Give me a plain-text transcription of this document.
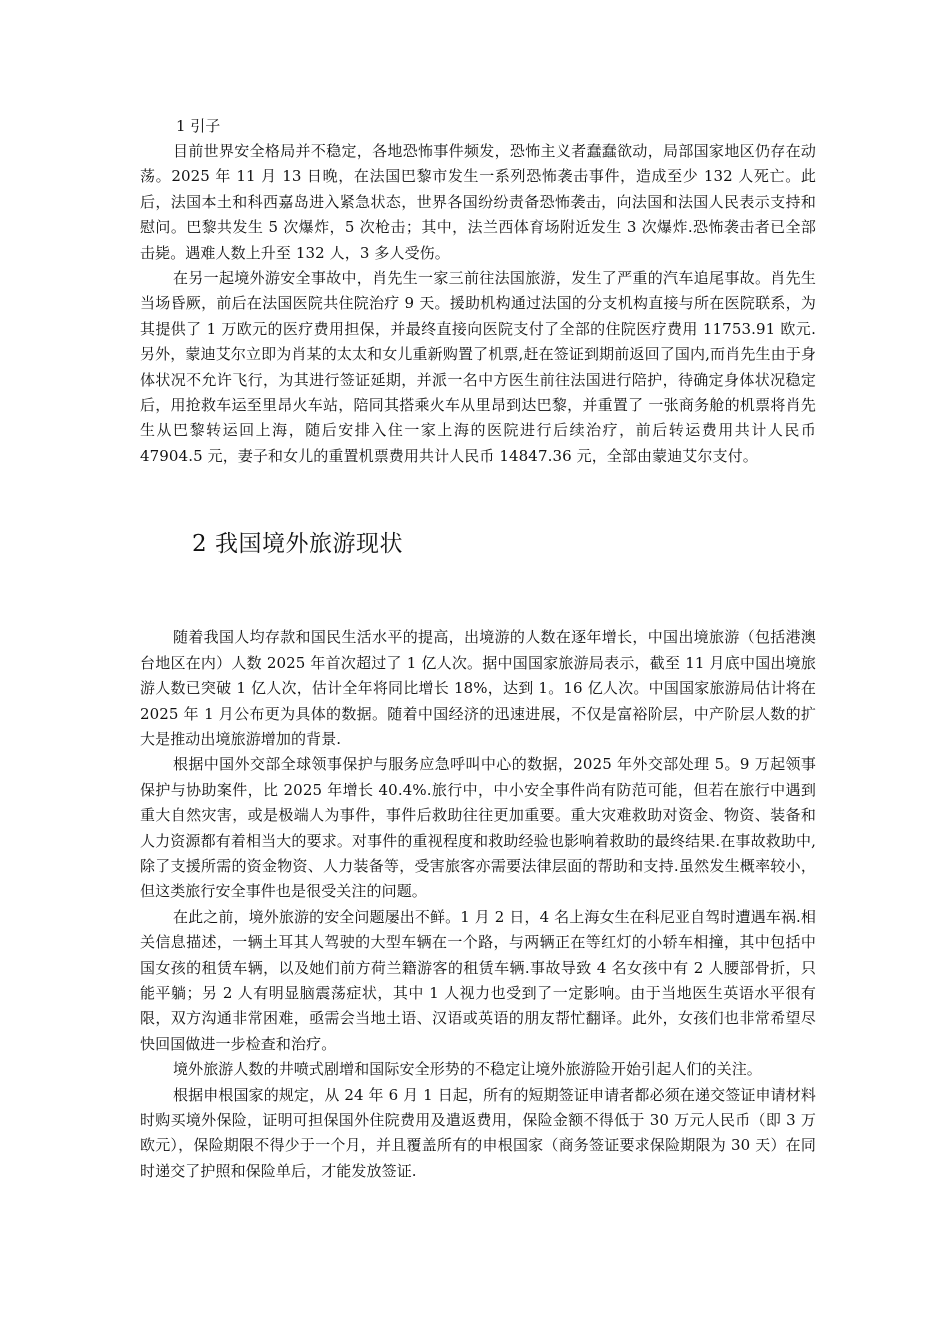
1 引子

目前世界安全格局并不稳定，各地恐怖事件频发，恐怖主义者蠢蠢欲动，局部国家地区仍存在动荡。2025 年 11 月 13 日晚，在法国巴黎市发生一系列恐怖袭击事件，造成至少 132 人死亡。此后，法国本土和科西嘉岛进入紧急状态，世界各国纷纷责备恐怖袭击，向法国和法国人民表示支持和慰问。巴黎共发生 5 次爆炸，5 次枪击；其中，法兰西体育场附近发生 3 次爆炸.恐怖袭击者已全部击毙。遇难人数上升至 132 人，3 多人受伤。

在另一起境外游安全事故中，肖先生一家三前往法国旅游，发生了严重的汽车追尾事故。肖先生当场昏厥，前后在法国医院共住院治疗 9 天。援助机构通过法国的分支机构直接与所在医院联系，为其提供了 1 万欧元的医疗费用担保，并最终直接向医院支付了全部的住院医疗费用 11753.91 欧元.另外，蒙迪艾尔立即为肖某的太太和女儿重新购置了机票,赶在签证到期前返回了国内,而肖先生由于身体状况不允许飞行，为其进行签证延期，并派一名中方医生前往法国进行陪护，待确定身体状况稳定后，用抢救车运至里昂火车站，陪同其搭乘火车从里昂到达巴黎，并重置了 一张商务舱的机票将肖先生从巴黎转运回上海，随后安排入住一家上海的医院进行后续治疗，前后转运费用共计人民币 47904.5 元，妻子和女儿的重置机票费用共计人民币 14847.36 元，全部由蒙迪艾尔支付。

2 我国境外旅游现状

随着我国人均存款和国民生活水平的提高，出境游的人数在逐年增长，中国出境旅游（包括港澳台地区在内）人数 2025 年首次超过了 1 亿人次。据中国国家旅游局表示，截至 11 月底中国出境旅游人数已突破 1 亿人次，估计全年将同比增长 18%，达到 1。16 亿人次。中国国家旅游局估计将在 2025 年 1 月公布更为具体的数据。随着中国经济的迅速进展，不仅是富裕阶层，中产阶层人数的扩大是推动出境旅游增加的背景.

根据中国外交部全球领事保护与服务应急呼叫中心的数据，2025 年外交部处理 5。9 万起领事保护与协助案件，比 2025 年增长 40.4%.旅行中，中小安全事件尚有防范可能，但若在旅行中遇到重大自然灾害，或是极端人为事件，事件后救助往往更加重要。重大灾难救助对资金、物资、装备和人力资源都有着相当大的要求。对事件的重视程度和救助经验也影响着救助的最终结果.在事故救助中,除了支援所需的资金物资、人力装备等，受害旅客亦需要法律层面的帮助和支持.虽然发生概率较小，但这类旅行安全事件也是很受关注的问题。

在此之前，境外旅游的安全问题屡出不鲜。1 月 2 日，4 名上海女生在科尼亚自驾时遭遇车祸.相关信息描述，一辆土耳其人驾驶的大型车辆在一个路，与两辆正在等红灯的小轿车相撞，其中包括中国女孩的租赁车辆，以及她们前方荷兰籍游客的租赁车辆.事故导致 4 名女孩中有 2 人腰部骨折，只能平躺；另 2 人有明显脑震荡症状，其中 1 人视力也受到了一定影响。由于当地医生英语水平很有限，双方沟通非常困难，亟需会当地土语、汉语或英语的朋友帮忙翻译。此外，女孩们也非常希望尽快回国做进一步检查和治疗。

境外旅游人数的井喷式剧增和国际安全形势的不稳定让境外旅游险开始引起人们的关注。

根据申根国家的规定，从 24 年 6 月 1 日起，所有的短期签证申请者都必须在递交签证申请材料时购买境外保险，证明可担保国外住院费用及遣返费用，保险金额不得低于 30 万元人民币（即 3 万欧元），保险期限不得少于一个月，并且覆盖所有的申根国家（商务签证要求保险期限为 30 天）在同时递交了护照和保险单后，才能发放签证.
